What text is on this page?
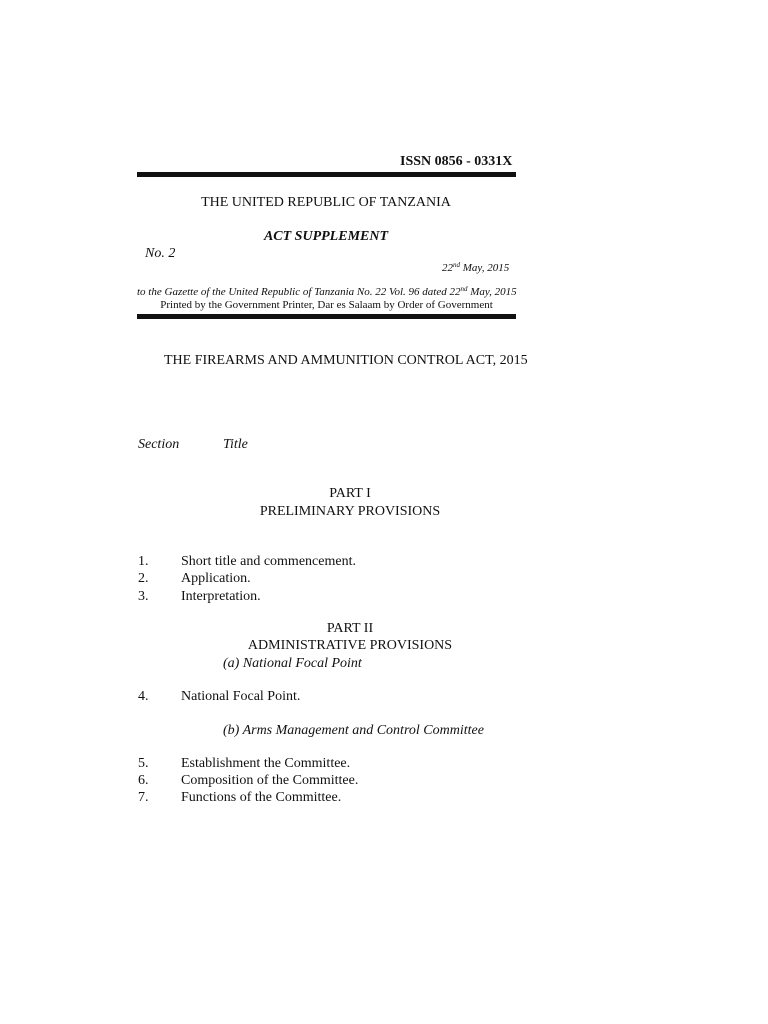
ISSN 0856 - 0331X
THE UNITED REPUBLIC OF TANZANIA
ACT SUPPLEMENT
No. 2
22nd May, 2015
to the Gazette of the United Republic of Tanzania No. 22 Vol. 96 dated 22nd May, 2015
Printed by the Government Printer, Dar es Salaam by Order of Government
THE FIREARMS AND AMMUNITION CONTROL ACT, 2015
Section	Title
PART I
PRELIMINARY PROVISIONS
1. Short title and commencement.
2. Application.
3. Interpretation.
PART II
ADMINISTRATIVE PROVISIONS
(a) National Focal Point
4. National Focal Point.
(b) Arms Management and Control Committee
5. Establishment the Committee.
6. Composition of the Committee.
7. Functions of the Committee.
